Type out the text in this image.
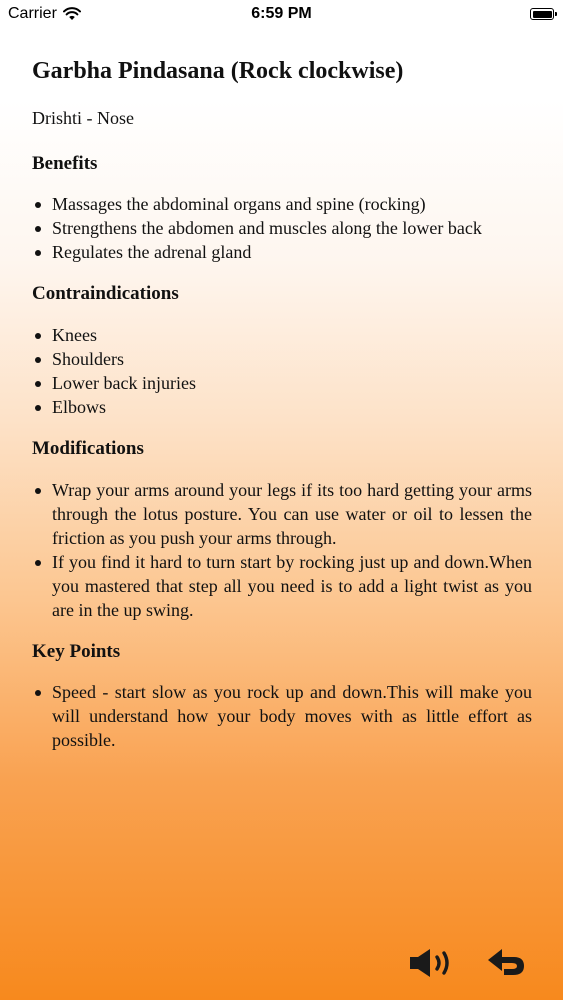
Carrier	6:59 PM
Garbha Pindasana (Rock clockwise)

Drishti - Nose

Benefits
Massages the abdominal organs and spine (rocking)
Strengthens the abdomen and muscles along the lower back
Regulates the adrenal gland
Contraindications
Knees
Shoulders
Lower back injuries
Elbows
Modifications
Wrap your arms around your legs if its too hard getting your arms through the lotus posture. You can use water or oil to lessen the friction as you push your arms through.
If you find it hard to turn start by rocking just up and down.When you mastered that step all you need is to add a light twist as you are in the up swing.
Key Points
Speed - start slow as you rock up and down.This will make you will understand how your body moves with as little effort as possible.
